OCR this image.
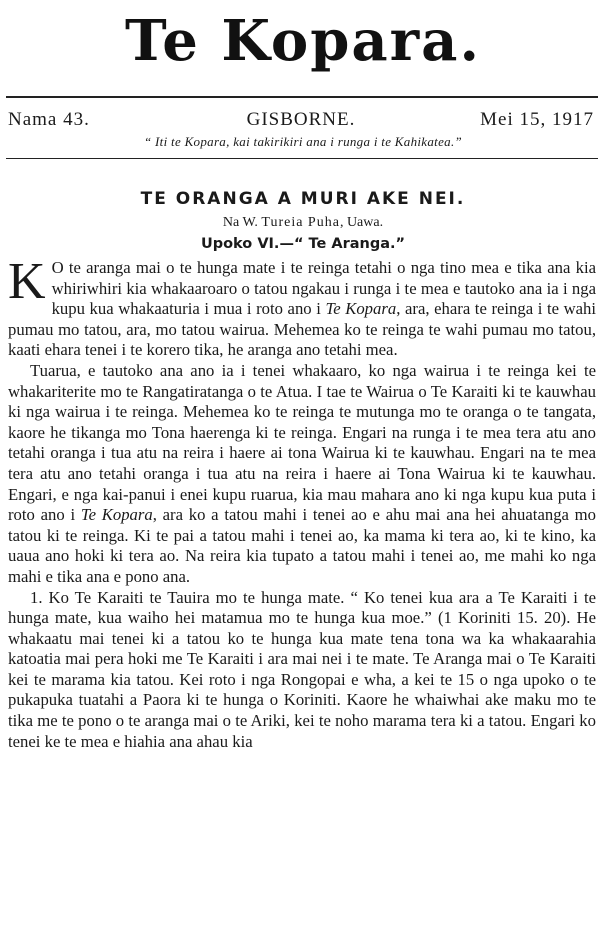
Te Kopara.
Nama 43.	GISBORNE.	Mei 15, 1917
“ Iti te Kopara, kai takirikiri ana i runga i te Kahikatea.”
TE ORANGA A MURI AKE NEI.
Na W. Tureia Puha, Uawa.
Upoko VI.—“ Te Aranga.”

K O te aranga mai o te hunga mate i te reinga tetahi o nga tino mea e tika ana kia whiriwhiri kia whakaaroaro o tatou ngakau i runga i te mea e tautoko ana ia i nga kupu kua whakaaturia i mua i roto ano i Te Kopara, ara, ehara te reinga i te wahi pumau mo tatou, ara, mo tatou wairua. Mehemea ko te reinga te wahi pumau mo tatou, kaati ehara tenei i te korero tika, he aranga ano tetahi mea.

Tuarua, e tautoko ana ano ia i tenei whakaaro, ko nga wairua i te reinga kei te whakariterite mo te Rangatiratanga o te Atua. I tae te Wairua o Te Karaiti ki te kauwhau ki nga wairua i te reinga. Mehemea ko te reinga te mutunga mo te oranga o te tangata, kaore he tikanga mo Tona haerenga ki te reinga. Engari na runga i te mea tera atu ano tetahi oranga i tua atu na reira i haere ai tona Wairua ki te kauwhau. Engari na te mea tera atu ano tetahi oranga i tua atu na reira i haere ai Tona Wairua ki te kauwhau. Engari, e nga kai-panui i enei kupu ruarua, kia mau mahara ano ki nga kupu kua puta i roto ano i Te Kopara, ara ko a tatou mahi i tenei ao e ahu mai ana hei ahuatanga mo tatou ki te reinga. Ki te pai a tatou mahi i tenei ao, ka mama ki tera ao, ki te kino, ka uaua ano hoki ki tera ao. Na reira kia tupato a tatou mahi i tenei ao, me mahi ko nga mahi e tika ana e pono ana.

1. Ko Te Karaiti te Tauira mo te hunga mate. “ Ko tenei kua ara a Te Karaiti i te hunga mate, kua waiho hei matamua mo te hunga kua moe.” (1 Koriniti 15. 20). He whakaatu mai tenei ki a tatou ko te hunga kua mate tena tona wa ka whakaarahia katoatia mai pera hoki me Te Karaiti i ara mai nei i te mate. Te Aranga mai o Te Karaiti kei te marama kia tatou. Kei roto i nga Rongopai e wha, a kei te 15 o nga upoko o te pukapuka tuatahi a Paora ki te hunga o Koriniti. Kaore he whaiwhai ake maku mo te tika me te pono o te aranga mai o te Ariki, kei te noho marama tera ki a tatou. Engari ko tenei ke te mea e hiahia ana ahau kia
